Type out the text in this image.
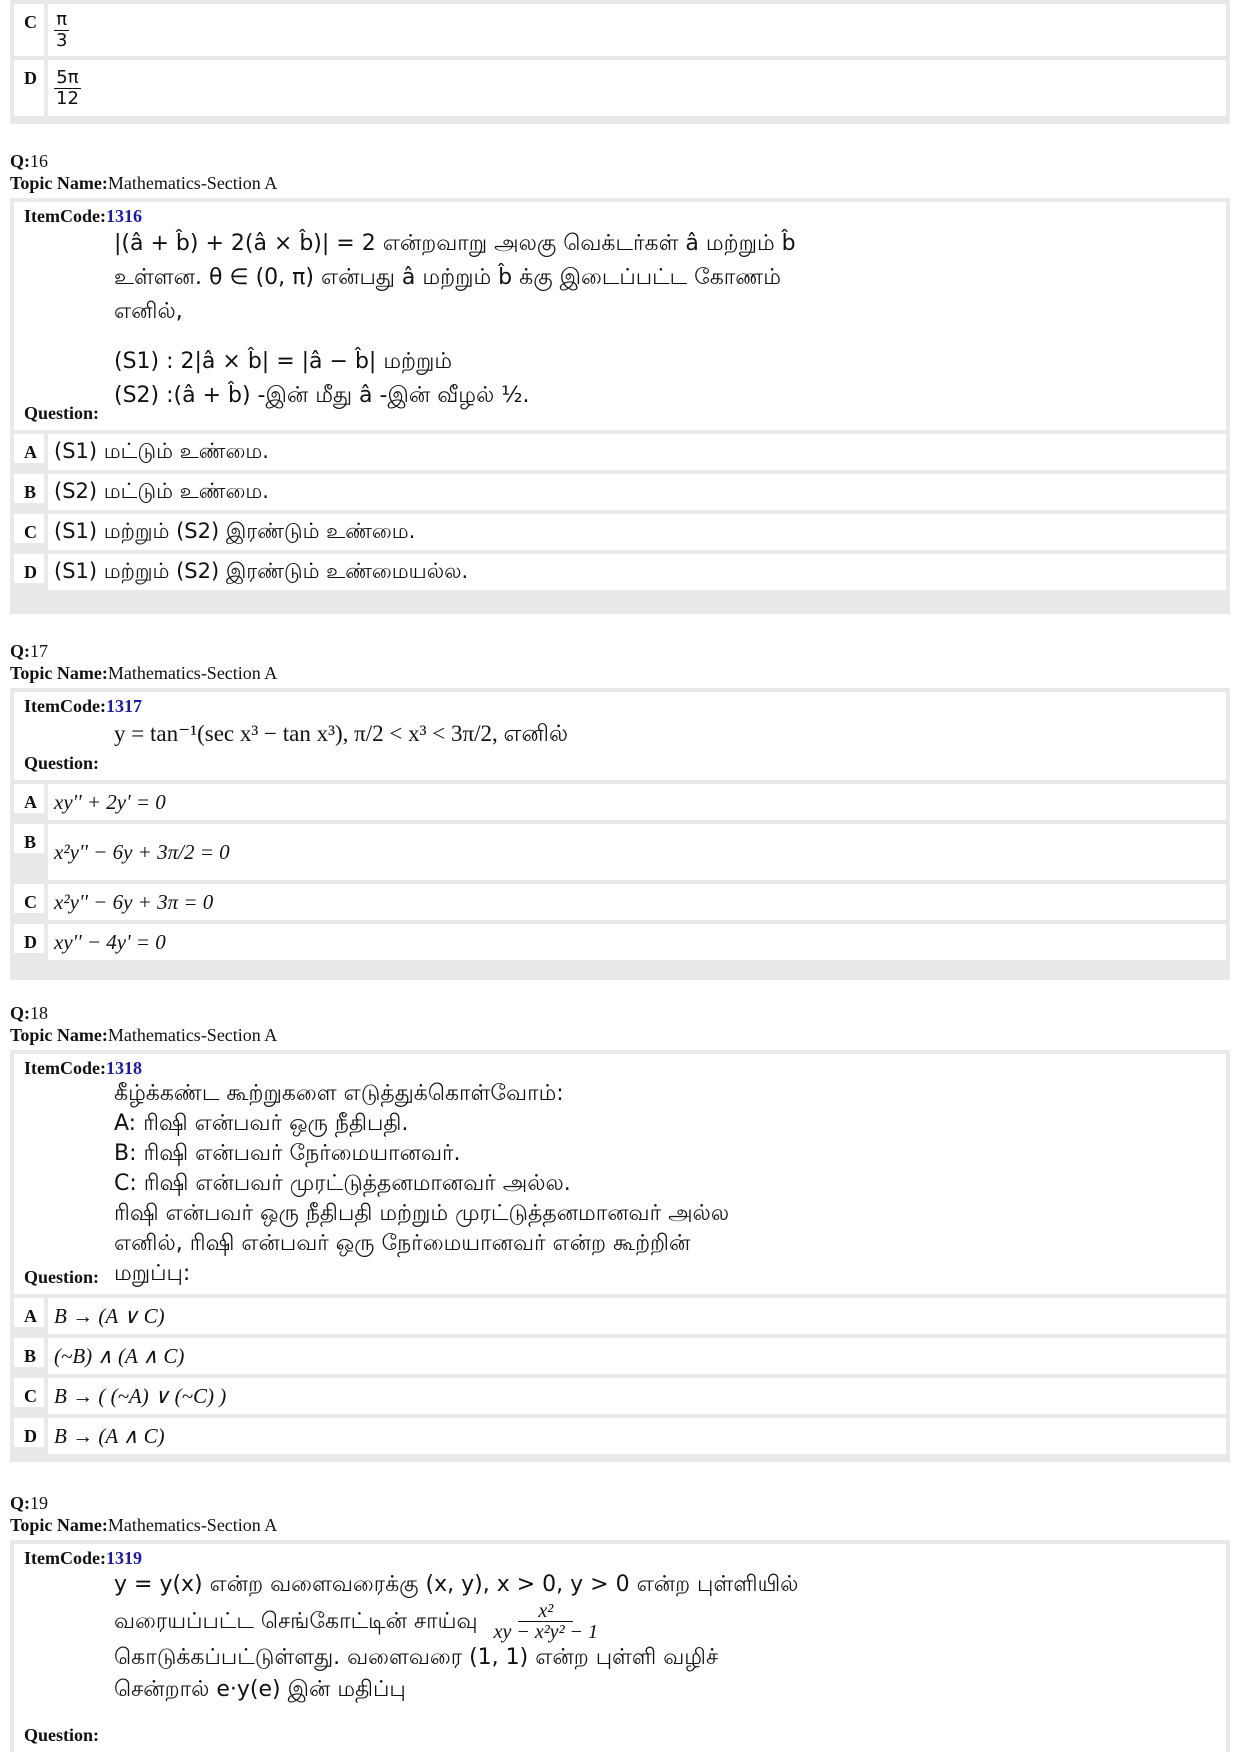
C $\frac{\pi}{3}$
D $\frac{5\pi}{12}$
Q:16
Topic Name:Mathematics-Section A
ItemCode:1316
|(â + b̂) + 2(â × b̂)| = 2 என்றவாறு அலகு வெக்டர்கள் â மற்றும் b̂
உள்ளன. θ ∈ (0, π) என்பது â மற்றும் b̂ க்கு இடைப்பட்ட கோணம்
எனில்,
(S1) : 2|â × b̂| = |â − b̂| மற்றும்
(S2) :(â + b̂) -இன் மீது â -இன் வீழல் ½.
Question:
A (S1) மட்டும் உண்மை.
B (S2) மட்டும் உண்மை.
C (S1) மற்றும் (S2) இரண்டும் உண்மை.
D (S1) மற்றும் (S2) இரண்டும் உண்மையல்ல.
Q:17
Topic Name:Mathematics-Section A
ItemCode:1317
y = tan⁻¹(sec x³ − tan x³), π/2 < x³ < 3π/2, எனில்
Question:
A xy'' + 2y' = 0
B x²y'' − 6y + 3π/2 = 0
C x²y'' − 6y + 3π = 0
D xy'' − 4y' = 0
Q:18
Topic Name:Mathematics-Section A
ItemCode:1318
கீழ்க்கண்ட கூற்றுகளை எடுத்துக்கொள்வோம்:
A: ரிஷி என்பவர் ஒரு நீதிபதி.
B: ரிஷி என்பவர் நேர்மையானவர்.
C: ரிஷி என்பவர் முரட்டுத்தனமானவர் அல்ல.
ரிஷி என்பவர் ஒரு நீதிபதி மற்றும் முரட்டுத்தனமானவர் அல்ல
எனில், ரிஷி என்பவர் ஒரு நேர்மையானவர் என்ற கூற்றின்
மறுப்பு:
Question:
A B → (A ∨ C)
B (~B) ∧ (A ∧ C)
C B → ( (~A) ∨ (~C) )
D B → (A ∧ C)
Q:19
Topic Name:Mathematics-Section A
ItemCode:1319
y = y(x) என்ற வளைவரைக்கு (x, y), x > 0, y > 0 என்ற புள்ளியில்
வரையப்பட்ட செங்கோட்டின் சாய்வு $\frac{\text{x²}}{\text{xy − x²y² − 1}}$
கொடுக்கப்பட்டுள்ளது. வளைவரை (1, 1) என்ற புள்ளி வழிச்
சென்றால் e·y(e) இன் மதிப்பு
Question:
